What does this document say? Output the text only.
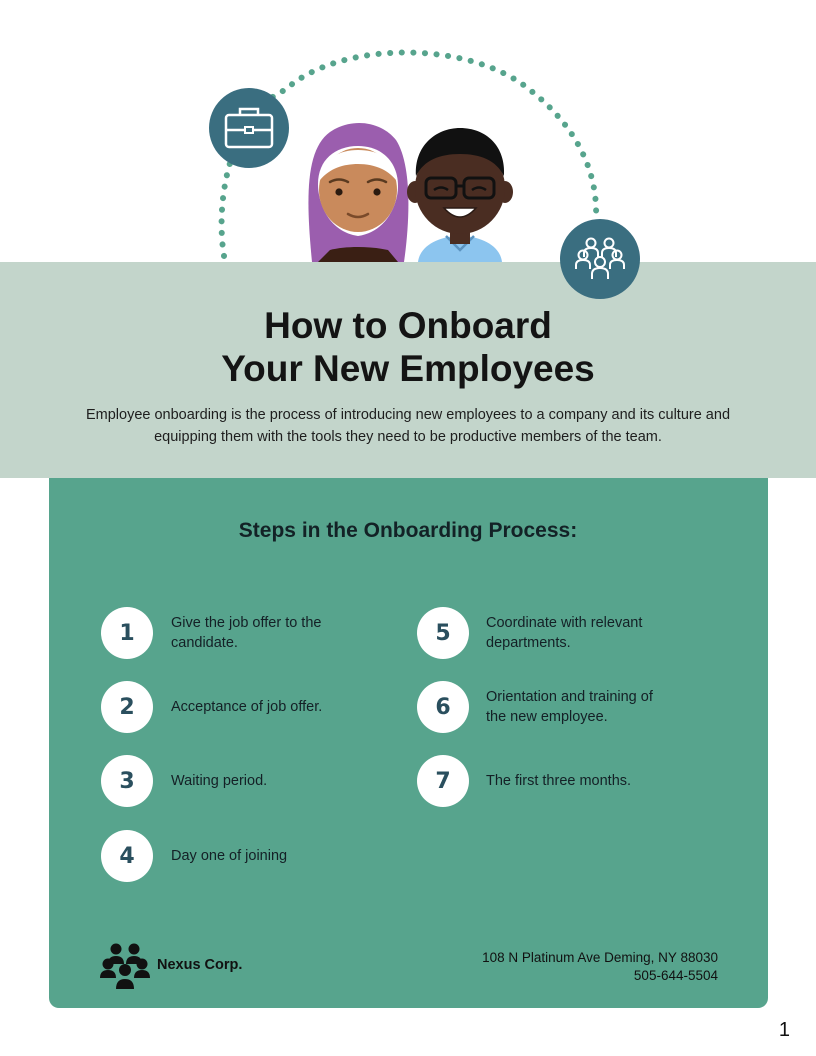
How to Onboard
Your New Employees

Employee onboarding is the process of introducing new employees to a company and its culture and equipping them with the tools they need to be productive members of the team.

Steps in the Onboarding Process:
1	Give the job offer to the candidate.
2	Acceptance of job offer.
3	Waiting period.
4	Day one of joining
5	Coordinate with relevant departments.
6	Orientation and training of the new employee.
7	The first three months.
Nexus Corp.	108 N Platinum Ave Deming, NY 88030
505-644-5504
1
